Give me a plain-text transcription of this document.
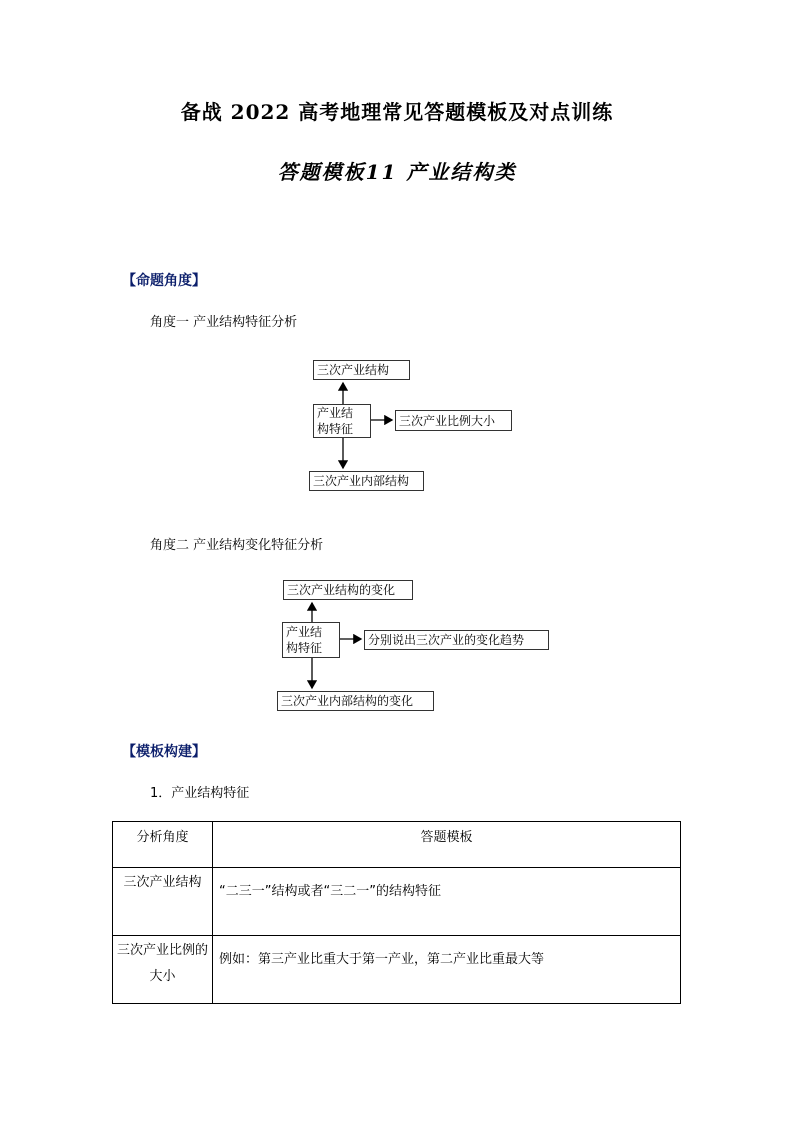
备战 2022 高考地理常见答题模板及对点训练
答题模板11 产业结构类
【命题角度】
角度一 产业结构特征分析
三次产业结构
产业结构特征
三次产业比例大小
三次产业内部结构
角度二 产业结构变化特征分析
三次产业结构的变化
产业结构特征
分别说出三次产业的变化趋势
三次产业内部结构的变化
【模板构建】
1．产业结构特征
分析角度	答题模板
三次产业结构	“二三一”结构或者“三二一”的结构特征
三次产业比例的大小	例如：第三产业比重大于第一产业，第二产业比重最大等
